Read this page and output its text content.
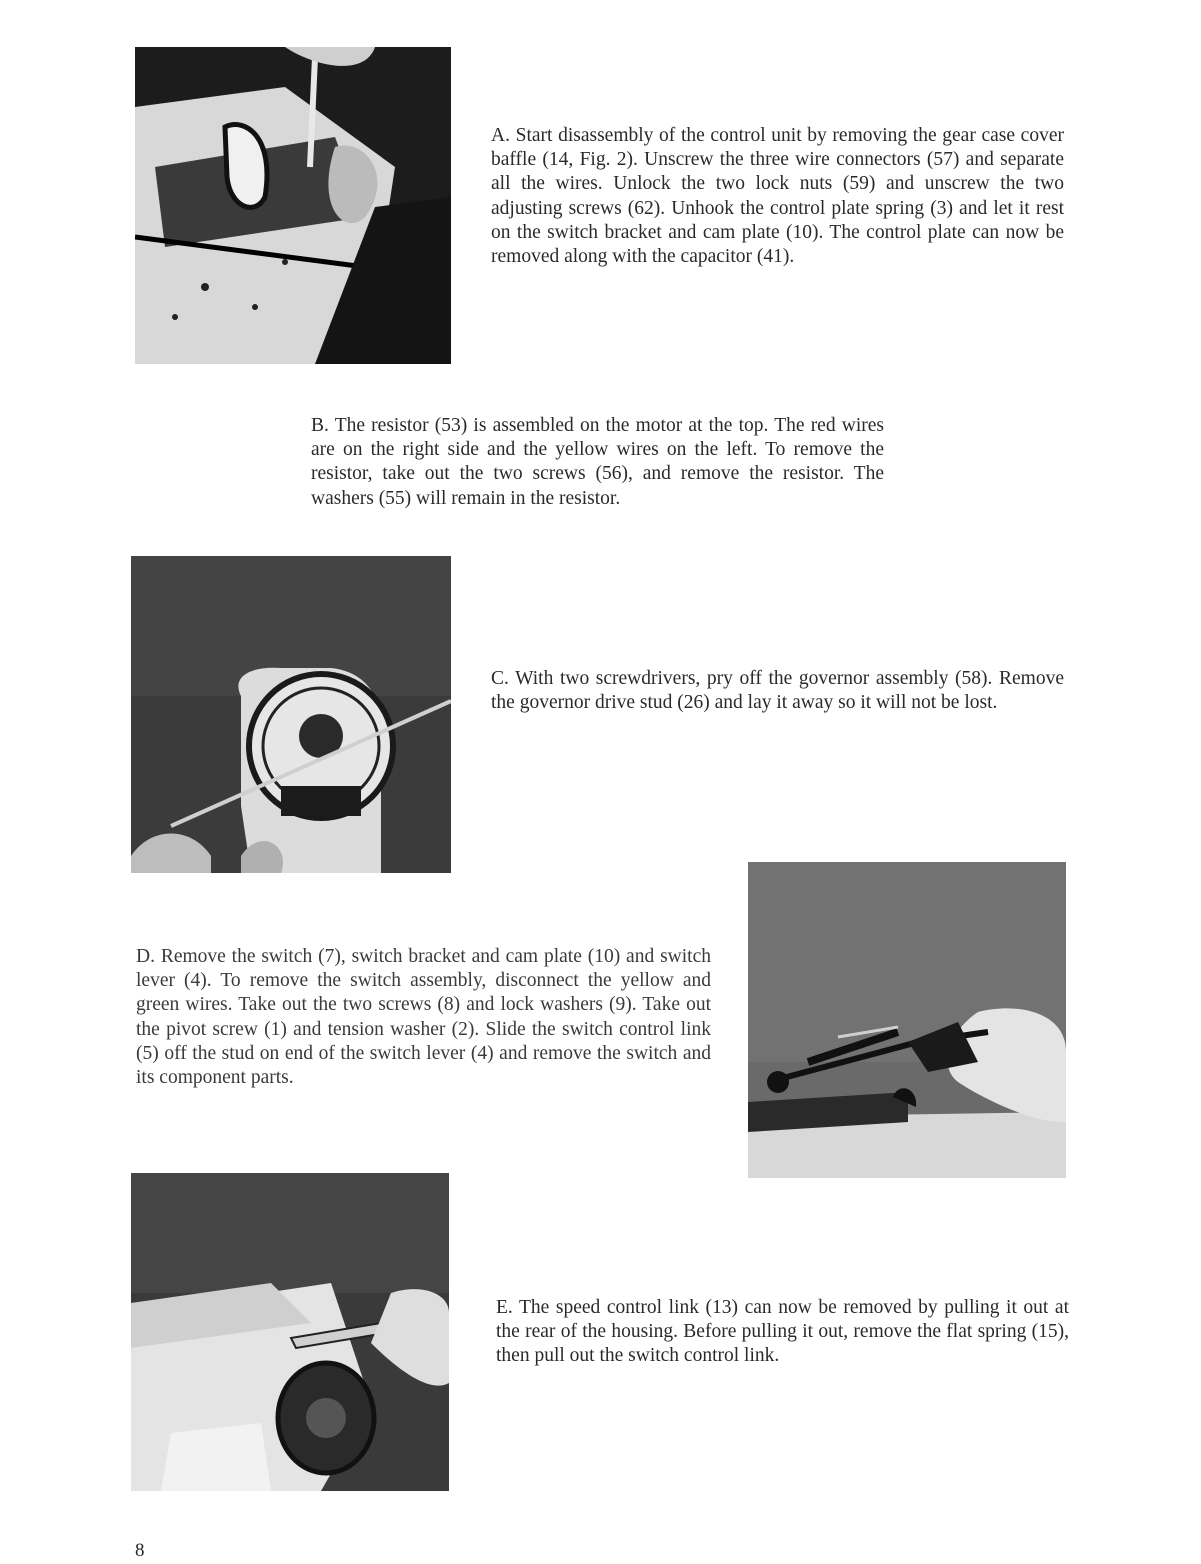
A. Start disassembly of the control unit by removing the gear case cover baffle (14, Fig. 2). Unscrew the three wire connectors (57) and separate all the wires. Unlock the two lock nuts (59) and unscrew the two adjusting screws (62). Unhook the control plate spring (3) and let it rest on the switch bracket and cam plate (10). The control plate can now be removed along with the capacitor (41).

B. The resistor (53) is assembled on the motor at the top. The red wires are on the right side and the yellow wires on the left. To remove the resistor, take out the two screws (56), and remove the resistor. The washers (55) will remain in the resistor.

C. With two screwdrivers, pry off the governor assembly (58). Remove the governor drive stud (26) and lay it away so it will not be lost.

D. Remove the switch (7), switch bracket and cam plate (10) and switch lever (4). To remove the switch assembly, disconnect the yellow and green wires. Take out the two screws (8) and lock washers (9). Take out the pivot screw (1) and tension washer (2). Slide the switch control link (5) off the stud on end of the switch lever (4) and remove the switch and its component parts.

E. The speed control link (13) can now be removed by pulling it out at the rear of the housing. Before pulling it out, remove the flat spring (15), then pull out the switch control link.

8
